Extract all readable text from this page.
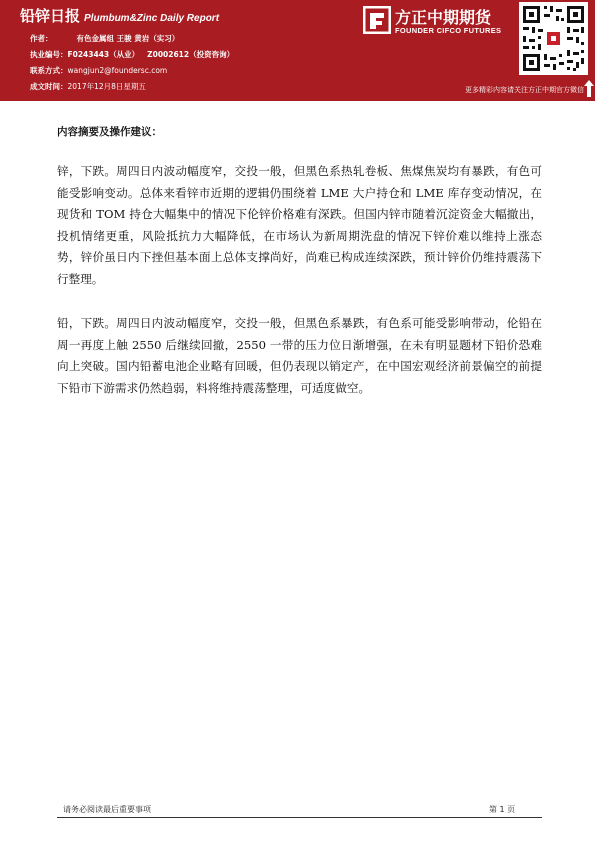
铅锌日报 Plumbum&Zinc Daily Report
作者：	有色金属组 王骏 黄岩（实习）
执业编号：F0243443（从业） Z0002612（投资咨询）
联系方式：wangjun2@foundersc.com
成文时间：2017年12月8日星期五
方正中期期货
FOUNDER CIFCO FUTURES
更多精彩内容请关注方正中期官方微信
内容摘要及操作建议：

锌，下跌。周四日内波动幅度窄，交投一般，但黑色系热轧卷板、焦煤焦炭均有暴跌，有色可能受影响变动。总体来看锌市近期的逻辑仍围绕着 LME 大户持仓和 LME 库存变动情况，在现货和 TOM 持仓大幅集中的情况下伦锌价格难有深跌。但国内锌市随着沉淀资金大幅撤出，投机情绪更重，风险抵抗力大幅降低，在市场认为新周期洗盘的情况下锌价难以维持上涨态势，锌价虽日内下挫但基本面上总体支撑尚好，尚难已构成连续深跌，预计锌价仍维持震荡下行整理。

铅，下跌。周四日内波动幅度窄，交投一般，但黑色系暴跌，有色系可能受影响带动，伦铅在周一再度上触 2550 后继续回撤，2550 一带的压力位日渐增强，在未有明显题材下铅价恐难向上突破。国内铅蓄电池企业略有回暖，但仍表现以销定产，在中国宏观经济前景偏空的前提下铅市下游需求仍然趋弱，料将维持震荡整理，可适度做空。

请务必阅读最后重要事项	第 1 页
